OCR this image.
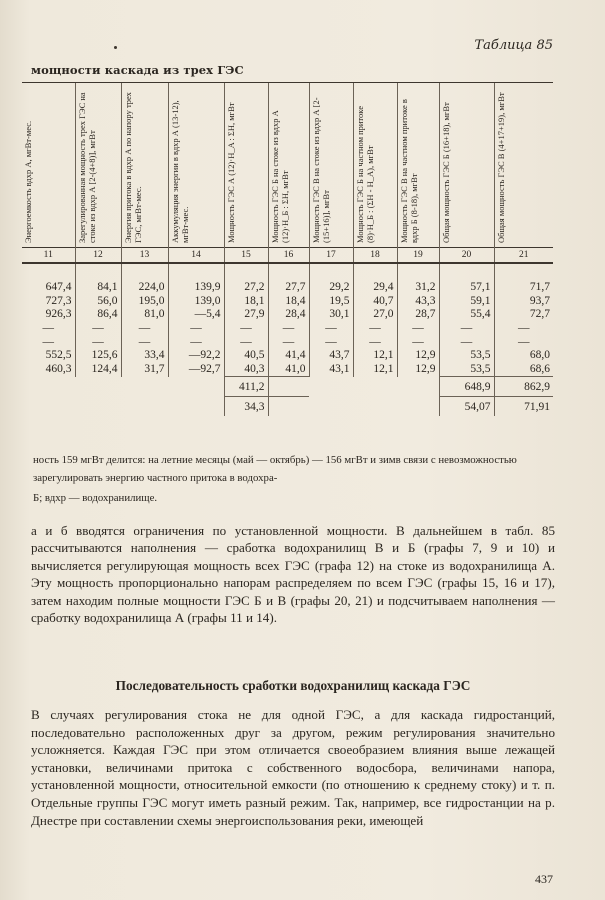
Таблица 85
мощности каскада из трех ГЭС
Энергоемкость вдхр А, мгВт-мес.	Зарегулированная мощность трех ГЭС на стоке из вдхр А [2-(4+8)], мгВт	Энергия притока в вдхр А по напору трех ГЭС, мгВт-мес.	Аккумуляция энергии в вдхр А (13-12), мгВт-мес.	Мощность ГЭС А (12)·H_A : ΣH, мгВт	Мощность ГЭС Б на стоке из вдхр А (12)·H_Б : ΣH, мгВт	Мощность ГЭС В на стоке из вдхр А [2-(15+16)], мгВт	Мощность ГЭС Б на частном притоке (8)·H_Б : (ΣH - H_A), мгВт	Мощность ГЭС В на частном притоке в вдхр Б (8-18), мгВт	Общая мощность ГЭС Б (16+18), мгВт	Общая мощность ГЭС В (4+17+19), мгВт

11	12	13	14	15	16	17	18	19	20	21

647,4	84,1	224,0	139,9	27,2	27,7	29,2	29,4	31,2	57,1	71,7
727,3	56,0	195,0	139,0	18,1	18,4	19,5	40,7	43,3	59,1	93,7
926,3	86,4	81,0	—5,4	27,9	28,4	30,1	27,0	28,7	55,4	72,7
—	—	—	—	—	—	—	—	—	—	—
—	—	—	—	—	—	—	—	—	—	—
552,5	125,6	33,4	—92,2	40,5	41,4	43,7	12,1	12,9	53,5	68,0
460,3	124,4	31,7	—92,7	40,3	41,0	43,1	12,1	12,9	53,5	68,6
				411,2					648,9	862,9
				34,3					54,07	71,91
ность 159 мгВт делится: на летние месяцы (май — октябрь) — 156 мгВт и зимв связи с невозможностью зарегулировать энергию частного притока в водохра-
Б; вдхр — водохранилище.
а и б вводятся ограничения по установленной мощности. В дальнейшем в табл. 85 рассчитываются наполнения — сработка водохранилищ В и Б (графы 7, 9 и 10) и вычисляется регулирующая мощность всех ГЭС (графа 12) на стоке из водохранилища А. Эту мощность пропорционально напорам распределяем по всем ГЭС (графы 15, 16 и 17), затем находим полные мощности ГЭС Б и В (графы 20, 21) и подсчитываем наполнения — сработку водохранилища А (графы 11 и 14).
Последовательность сработки водохранилищ каскада ГЭС
В случаях регулирования стока не для одной ГЭС, а для каскада гидростанций, последовательно расположенных друг за другом, режим регулирования значительно усложняется. Каждая ГЭС при этом отличается своеобразием влияния выше лежащей установки, величинами притока с собственного водосбора, величинами напора, установленной мощности, относительной емкости (по отношению к среднему стоку) и т. п. Отдельные группы ГЭС могут иметь разный режим. Так, например, все гидростанции на р. Днестре при составлении схемы энергоиспользования реки, имеющей
437
